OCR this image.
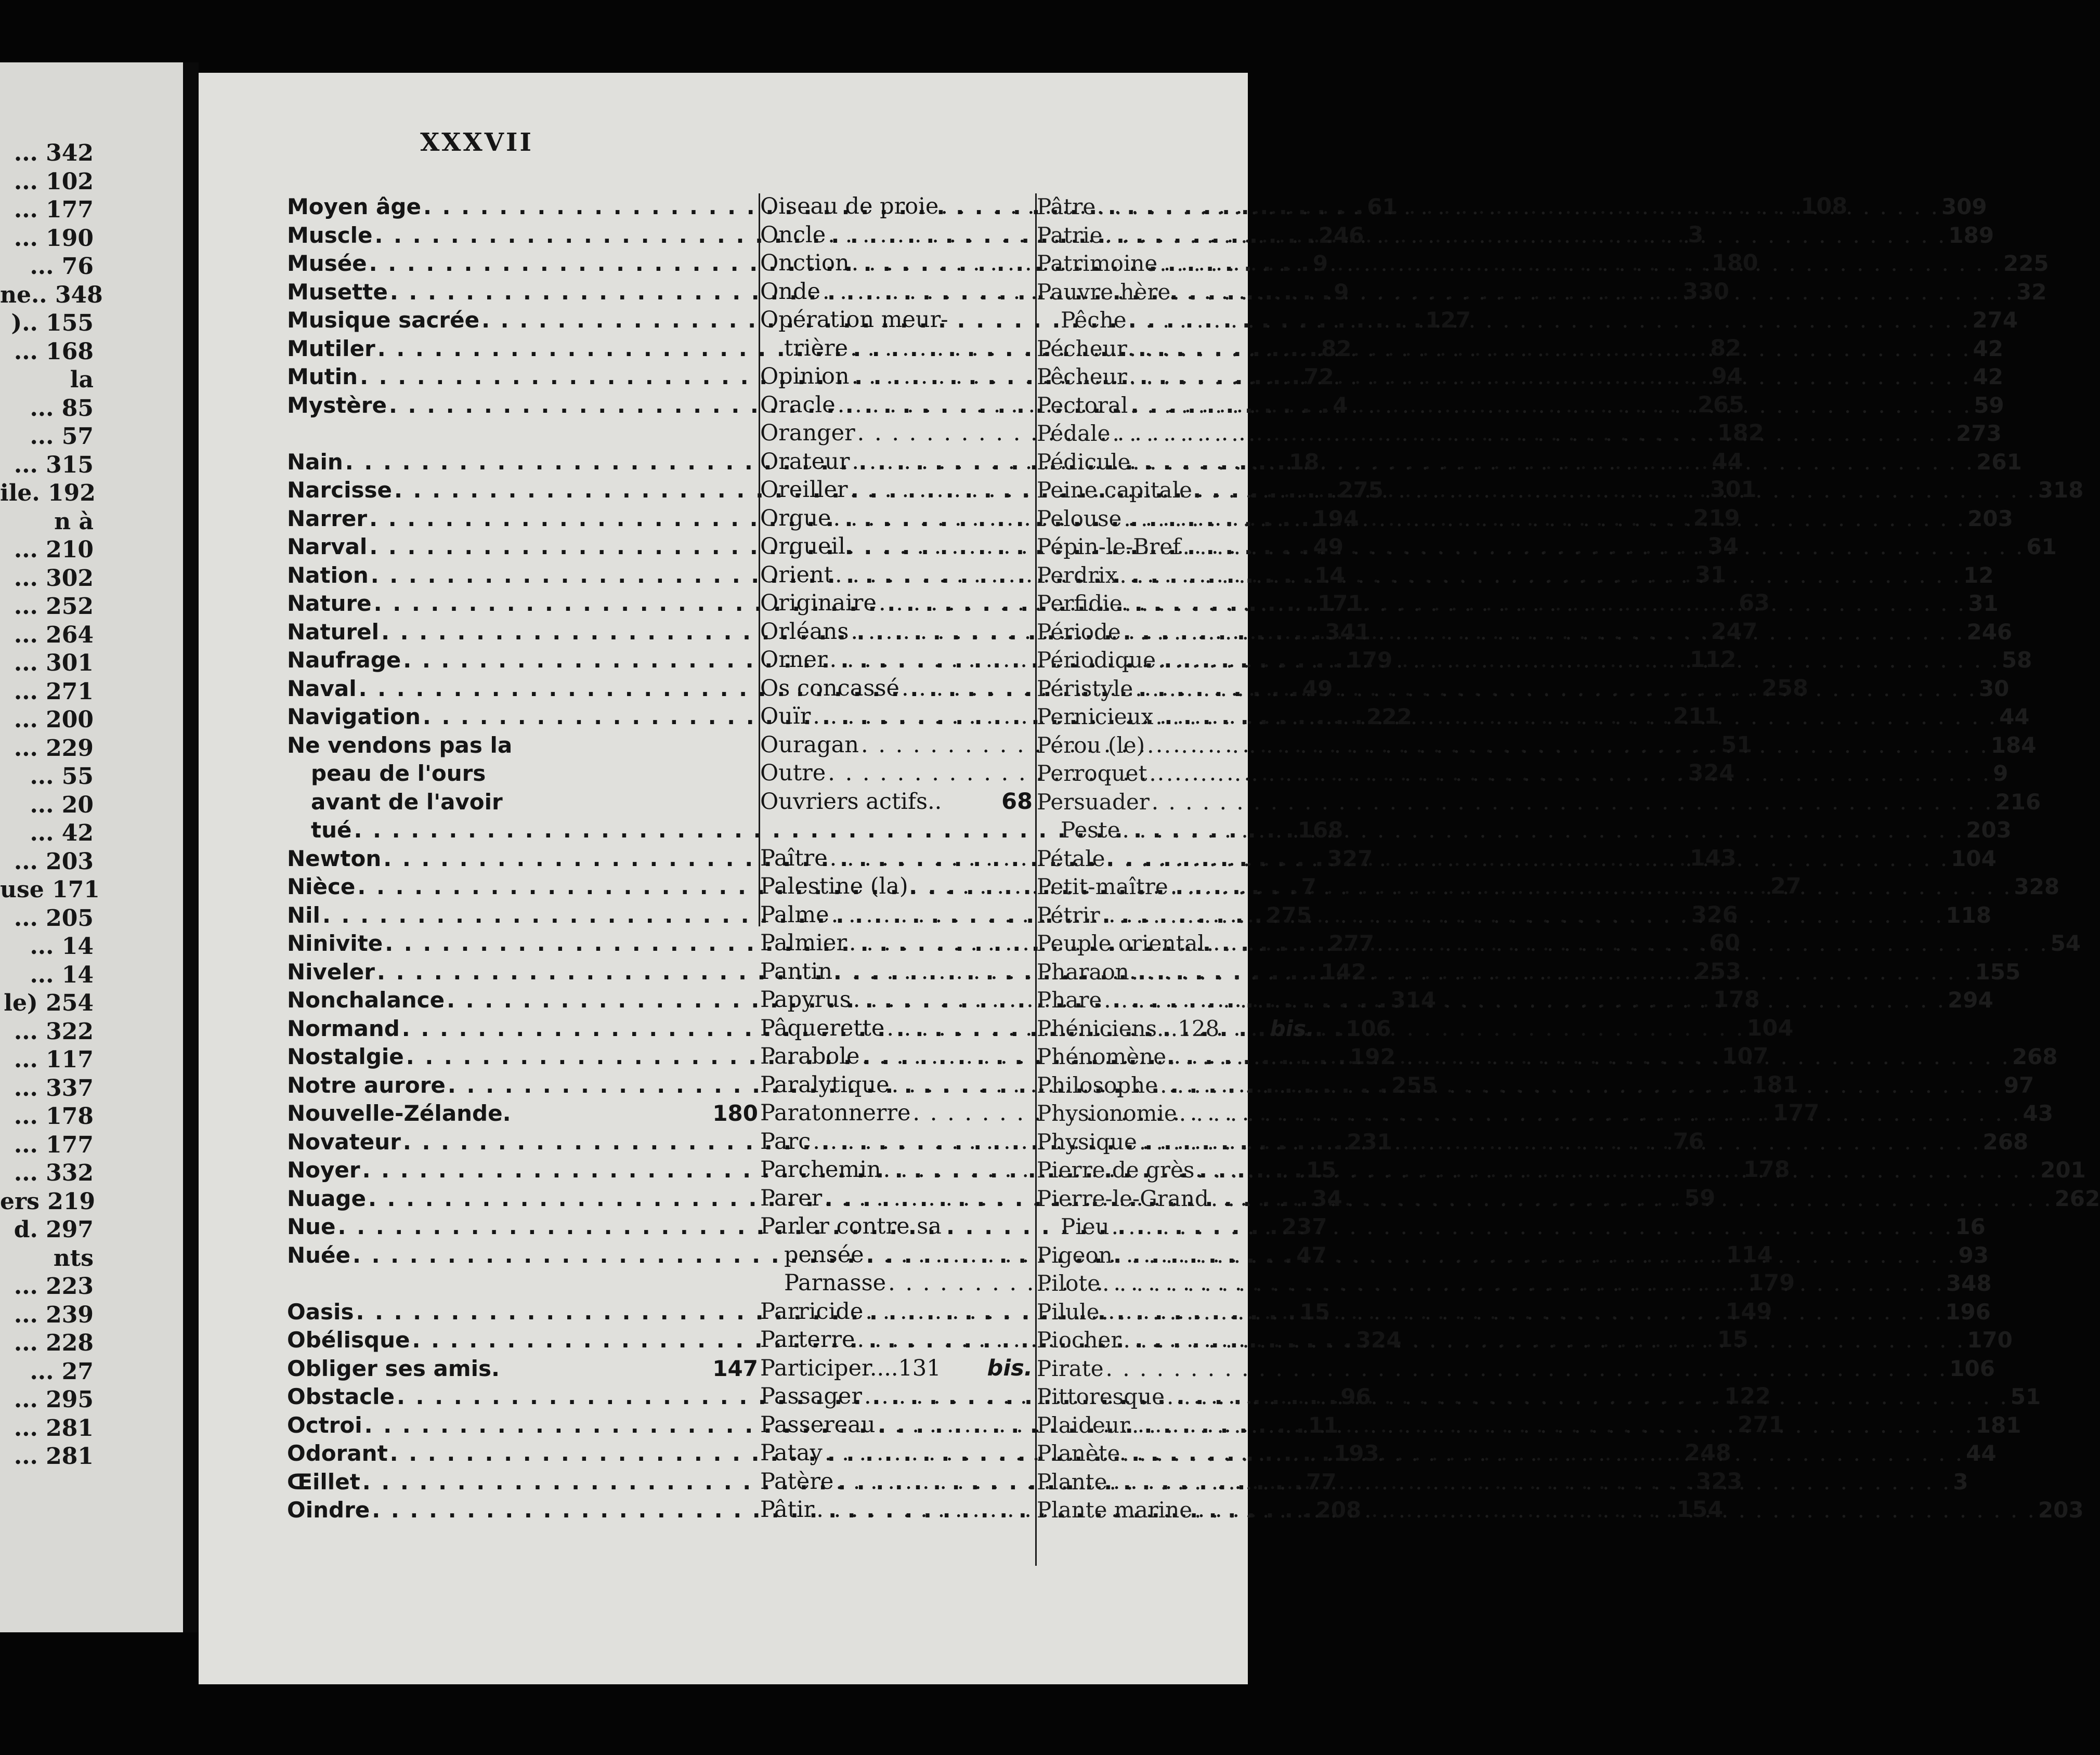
... 342
... 102
... 177
... 190
... 76
ne.. 348
).. 155
... 168
la
... 85
... 57
... 315
ile. 192
n à
... 210
... 302
... 252
... 264
... 301
... 271
... 200
... 229
... 55
... 20
... 42
... 203
use 171
... 205
... 14
... 14
le) 254
... 322
... 117
... 337
... 178
... 177
... 332
ers 219
d. 297
nts
... 223
... 239
... 228
... 27
... 295
... 281
... 281
XXXVII
Moyen âge . . .	61
Muscle . . .	246
Musée . . .	9
Musette . . .	9
Musique sacrée . . .	127
Mutiler . . .	82
Mutin . . .	72
Mystère . . .	4
Nain . . .	18
Narcisse . . .	275
Narrer . . .	194
Narval . . .	49
Nation . . .	14
Nature . . .	171
Naturel . . .	341
Naufrage . . .	179
Naval . . .	49
Navigation . . .	222
Ne vendons pas la
peau de l'ours
avant de l'avoir
tué . . .	168
Newton . . .	327
Nièce . . .	7
Nil . . .	275
Ninivite . . .	277
Niveler . . .	142
Nonchalance . . .	314
Normand . . .	106
Nostalgie . . .	192
Notre aurore . . .	255
Nouvelle-Zélande.	180
Novateur . . .	231
Noyer . . .	15
Nuage . . .	34
Nue . . .	237
Nuée . . .	47
Oasis . . .	15
Obélisque . . .	324
Obliger ses amis.	147
Obstacle . . .	96
Octroi . . .	11
Odorant . . .	193
Œillet . . .	77
Oindre . . .	208
Oiseau de proie . . .	108
Oncle . . .	3
Onction . . .	180
Onde . . .	330
Opération meur-
trière . . .	82
Opinion . . .	94
Oracle . . .	265
Oranger . . .	182
Orateur . . .	44
Oreiller . . .	301
Orgue . . .	219
Orgueil . . .	34
Orient . . .	31
Originaire . . .	63
Orléans . . .	247
Orner . . .	112
Os concassé . . .	258
Ouïr . . .	211
Ouragan . . .	51
Outre . . .	324
Ouvriers actifs..	68
Paître . . .	143
Palestine (la) . . .	27
Palme . . .	326
Palmier . . .	60
Pantin . . .	253
Papyrus . . .	178
Pâquerette . . .	104
Parabole . . .	107
Paralytique . . .	181
Paratonnerre . . .	177
Parc . . .	76
Parchemin . . .	178
Parer . . .	59
Parler contre sa
pensée . . .	114
Parnasse . . .	179
Parricide . . .	149
Parterre . . .	15
Participer....131 bis.
Passager . . .	122
Passereau . . .	271
Patay . . .	248
Patère . . .	323
Pâtir . . .	154
Pâtre . . .	309
Patrie . . .	189
Patrimoine . . .	225
Pauvre hère . . .	32
Pêche . . .	274
Pécheur . . .	42
Pêcheur . . .	42
Pectoral . . .	59
Pédale . . .	273
Pédicule . . .	261
Peine capitale . . .	318
Pelouse . . .	203
Pépin-le-Bref . . .	61
Perdrix . . .	12
Perfidie . . .	31
Période . . .	246
Périodique . . .	58
Péristyle . . .	30
Pernicieux . . .	44
Pérou (le) . . .	184
Perroquet . . .	9
Persuader . . .	216
Peste . . .	203
Pétale . . .	104
Petit-maître . . .	328
Pétrir . . .	118
Peuple oriental . . .	54
Pharaon . . .	155
Phare . . .	294
Phéniciens...128 bis.
Phénomène . . .	268
Philosophe . . .	97
Physionomie . . .	43
Physique . . .	268
Pierre de grès . . .	201
Pierre-le-Grand . . .	262
Pieu . . .	16
Pigeon . . .	93
Pilote . . .	348
Pilule . . .	196
Piocher . . .	170
Pirate . . .	106
Pittoresque . . .	51
Plaideur . . .	181
Planète . . .	44
Plante . . .	3
Plante marine . . .	203
